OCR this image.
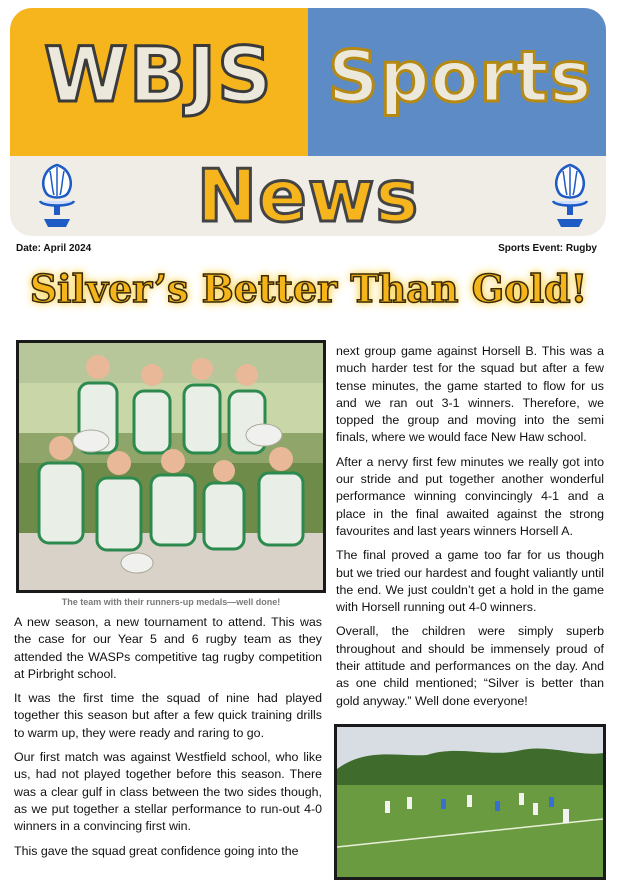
WBJS Sports
News
Date: April 2024	Sports Event: Rugby
Silver’s Better Than Gold!
The team with their runners-up medals—well done!

A new season, a new tournament to attend. This was the case for our Year 5 and 6 rugby team as they attended the WASPs competitive tag rugby competition at Pirbright school.

It was the first time the squad of nine had played together this season but after a few quick training drills to warm up, they were ready and raring to go.

Our first match was against Westfield school, who like us, had not played together before this season. There was a clear gulf in class between the two sides though, as we put together a stellar performance to run-out 4-0 winners in a convincing first win.

This gave the squad great confidence going into the

next group game against Horsell B. This was a much harder test for the squad but after a few tense minutes, the game started to flow for us and we ran out 3-1 winners. Therefore, we topped the group and moving into the semi finals, where we would face New Haw school.

After a nervy first few minutes we really got into our stride and put together another wonderful performance winning convincingly 4-1 and a place in the final awaited against the strong favourites and last years winners Horsell A.

The final proved a game too far for us though but we tried our hardest and fought valiantly until the end. We just couldn’t get a hold in the game with Horsell running out 4-0 winners.

Overall, the children were simply superb throughout and should be immensely proud of their attitude and performances on the day. And as one child mentioned; “Silver is better than gold anyway.” Well done everyone!
